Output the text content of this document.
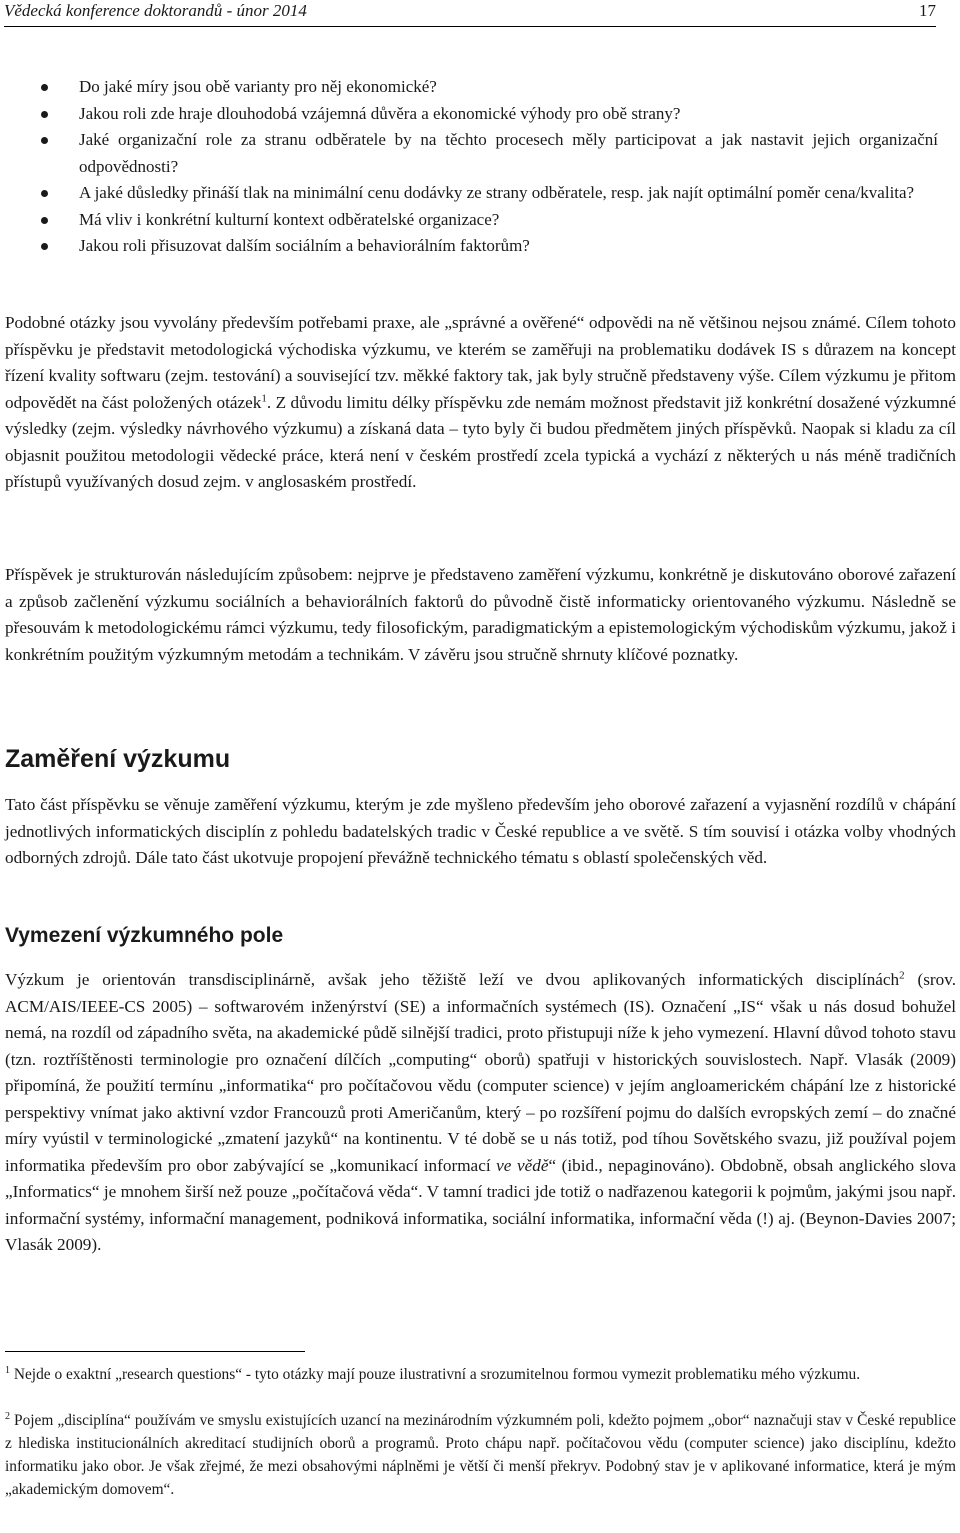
Vědecká konference doktorandů - únor 2014	17
Do jaké míry jsou obě varianty pro něj ekonomické?
Jakou roli zde hraje dlouhodobá vzájemná důvěra a ekonomické výhody pro obě strany?
Jaké organizační role za stranu odběratele by na těchto procesech měly participovat a jak nastavit jejich organizační odpovědnosti?
A jaké důsledky přináší tlak na minimální cenu dodávky ze strany odběratele, resp. jak najít optimální poměr cena/kvalita?
Má vliv i konkrétní kulturní kontext odběratelské organizace?
Jakou roli přisuzovat dalším sociálním a behaviorálním faktorům?

Podobné otázky jsou vyvolány především potřebami praxe, ale „správné a ověřené“ odpovědi na ně většinou nejsou známé. Cílem tohoto příspěvku je představit metodologická východiska výzkumu, ve kterém se zaměřuji na problematiku dodávek IS s důrazem na koncept řízení kvality softwaru (zejm. testování) a související tzv. měkké faktory tak, jak byly stručně představeny výše. Cílem výzkumu je přitom odpovědět na část položených otázek$^1$. Z důvodu limitu délky příspěvku zde nemám možnost představit již konkrétní dosažené výzkumné výsledky (zejm. výsledky návrhového výzkumu) a získaná data – tyto byly či budou předmětem jiných příspěvků. Naopak si kladu za cíl objasnit použitou metodologii vědecké práce, která není v českém prostředí zcela typická a vychází z některých u nás méně tradičních přístupů využívaných dosud zejm. v anglosaském prostředí.

Příspěvek je strukturován následujícím způsobem: nejprve je představeno zaměření výzkumu, konkrétně je diskutováno oborové zařazení a způsob začlenění výzkumu sociálních a behaviorálních faktorů do původně čistě informaticky orientovaného výzkumu. Následně se přesouvám k metodologickému rámci výzkumu, tedy filosofickým, paradigmatickým a epistemologickým východiskům výzkumu, jakož i konkrétním použitým výzkumným metodám a technikám. V závěru jsou stručně shrnuty klíčové poznatky.

Zaměření výzkumu

Tato část příspěvku se věnuje zaměření výzkumu, kterým je zde myšleno především jeho oborové zařazení a vyjasnění rozdílů v chápání jednotlivých informatických disciplín z pohledu badatelských tradic v České republice a ve světě. S tím souvisí i otázka volby vhodných odborných zdrojů. Dále tato část ukotvuje propojení převážně technického tématu s oblastí společenských věd.

Vymezení výzkumného pole

Výzkum je orientován transdisciplinárně, avšak jeho těžiště leží ve dvou aplikovaných informatických disciplínách$^2$ (srov. ACM/AIS/IEEE-CS 2005) – softwarovém inženýrství (SE) a informačních systémech (IS). Označení „IS“ však u nás dosud bohužel nemá, na rozdíl od západního světa, na akademické půdě silnější tradici, proto přistupuji níže k jeho vymezení. Hlavní důvod tohoto stavu (tzn. roztříštěnosti terminologie pro označení dílčích „computing“ oborů) spatřuji v historických souvislostech. Např. Vlasák (2009) připomíná, že použití termínu „informatika“ pro počítačovou vědu (computer science) v jejím angloamerickém chápání lze z historické perspektivy vnímat jako aktivní vzdor Francouzů proti Američanům, který – po rozšíření pojmu do dalších evropských zemí – do značné míry vyústil v terminologické „zmatení jazyků“ na kontinentu. V té době se u nás totiž, pod tíhou Sovětského svazu, již používal pojem informatika především pro obor zabývající se „komunikací informací ve vědě“ (ibid., nepaginováno). Obdobně, obsah anglického slova „Informatics“ je mnohem širší než pouze „počítačová věda“. V tamní tradici jde totiž o nadřazenou kategorii k pojmům, jakými jsou např. informační systémy, informační management, podniková informatika, sociální informatika, informační věda (!) aj. (Beynon-Davies 2007; Vlasák 2009).

$^1$ Nejde o exaktní „research questions“ - tyto otázky mají pouze ilustrativní a srozumitelnou formou vymezit problematiku mého výzkumu.

$^2$ Pojem „disciplína“ používám ve smyslu existujících uzancí na mezinárodním výzkumném poli, kdežto pojmem „obor“ naznačuji stav v České republice z hlediska institucionálních akreditací studijních oborů a programů. Proto chápu např. počítačovou vědu (computer science) jako disciplínu, kdežto informatiku jako obor. Je však zřejmé, že mezi obsahovými náplněmi je větší či menší překryv. Podobný stav je v aplikované informatice, která je mým „akademickým domovem“.
